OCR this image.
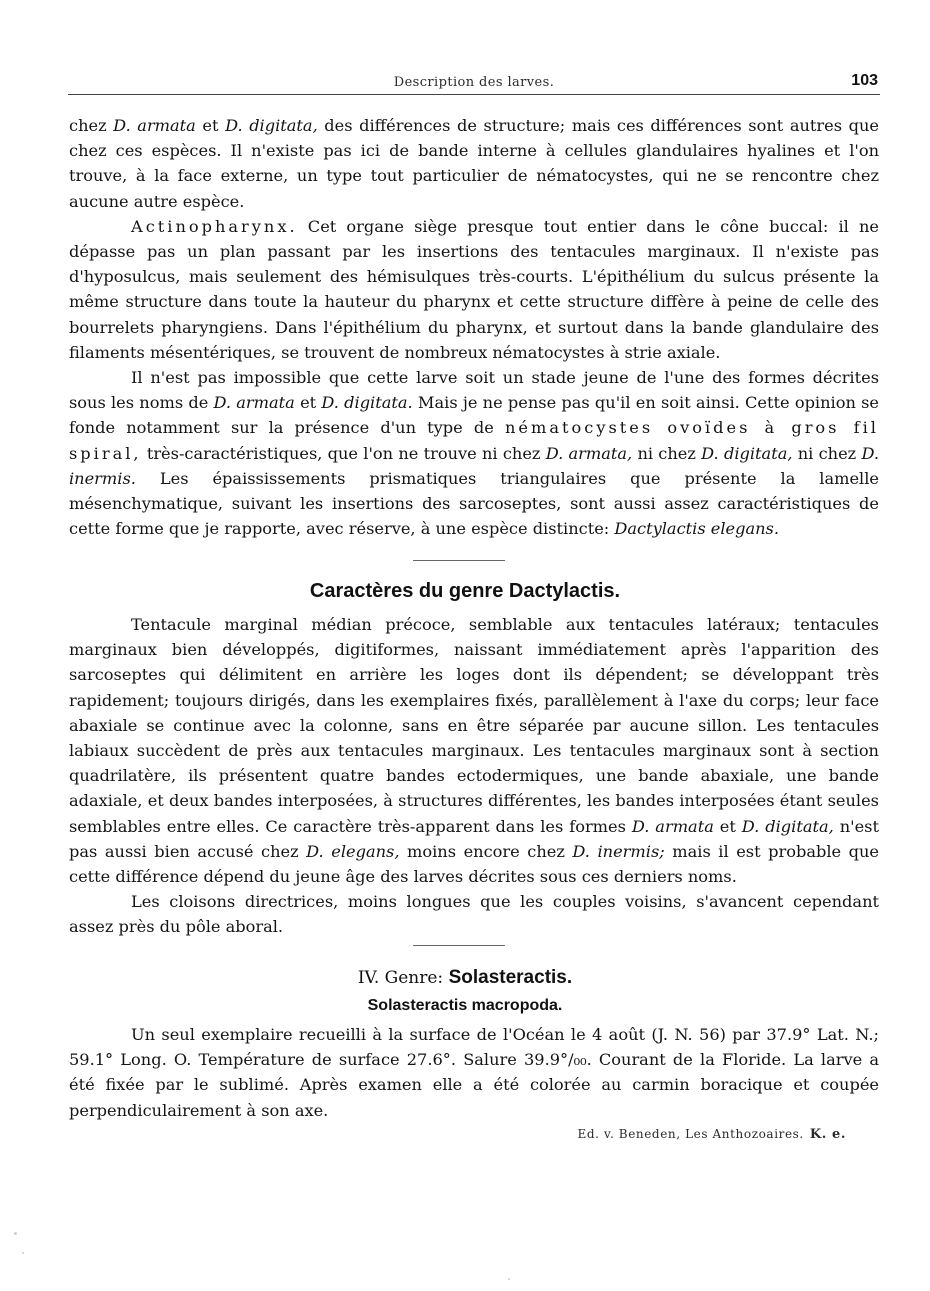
Description des larves.	103

chez D. armata et D. digitata, des différences de structure; mais ces différences sont autres que chez ces espèces. Il n'existe pas ici de bande interne à cellules glandulaires hyalines et l'on trouve, à la face externe, un type tout particulier de nématocystes, qui ne se rencontre chez aucune autre espèce.

Actinopharynx. Cet organe siège presque tout entier dans le cône buccal: il ne dépasse pas un plan passant par les insertions des tentacules marginaux. Il n'existe pas d'hyposulcus, mais seulement des hémisulques très-courts. L'épithélium du sulcus présente la même structure dans toute la hauteur du pharynx et cette structure diffère à peine de celle des bourrelets pharyngiens. Dans l'épithélium du pharynx, et surtout dans la bande glandulaire des filaments mésentériques, se trouvent de nombreux nématocystes à strie axiale.

Il n'est pas impossible que cette larve soit un stade jeune de l'une des formes décrites sous les noms de D. armata et D. digitata. Mais je ne pense pas qu'il en soit ainsi. Cette opinion se fonde notamment sur la présence d'un type de nématocystes ovoïdes à gros fil spiral, très-caractéristiques, que l'on ne trouve ni chez D. armata, ni chez D. digitata, ni chez D. inermis. Les épaississements prismatiques triangulaires que présente la lamelle mésenchymatique, suivant les insertions des sarcoseptes, sont aussi assez caractéristiques de cette forme que je rapporte, avec réserve, à une espèce distincte: Dactylactis elegans.

Caractères du genre Dactylactis.

Tentacule marginal médian précoce, semblable aux tentacules latéraux; tentacules marginaux bien développés, digitiformes, naissant immédiatement après l'apparition des sarcoseptes qui délimitent en arrière les loges dont ils dépendent; se développant très rapidement; toujours dirigés, dans les exemplaires fixés, parallèlement à l'axe du corps; leur face abaxiale se continue avec la colonne, sans en être séparée par aucune sillon. Les tentacules labiaux succèdent de près aux tentacules marginaux. Les tentacules marginaux sont à section quadrilatère, ils présentent quatre bandes ectodermiques, une bande abaxiale, une bande adaxiale, et deux bandes interposées, à structures différentes, les bandes interposées étant seules semblables entre elles. Ce caractère très-apparent dans les formes D. armata et D. digitata, n'est pas aussi bien accusé chez D. elegans, moins encore chez D. inermis; mais il est probable que cette différence dépend du jeune âge des larves décrites sous ces derniers noms.

Les cloisons directrices, moins longues que les couples voisins, s'avancent cependant assez près du pôle aboral.

IV. Genre: Solasteractis.
Solasteractis macropoda.

Un seul exemplaire recueilli à la surface de l'Océan le 4 août (J. N. 56) par 37.9° Lat. N.; 59.1° Long. O. Température de surface 27.6°. Salure 39.9°/₀₀. Courant de la Floride. La larve a été fixée par le sublimé. Après examen elle a été colorée au carmin boracique et coupée perpendiculairement à son axe.

Ed. v. Beneden, Les Anthozoaires. K. e.
